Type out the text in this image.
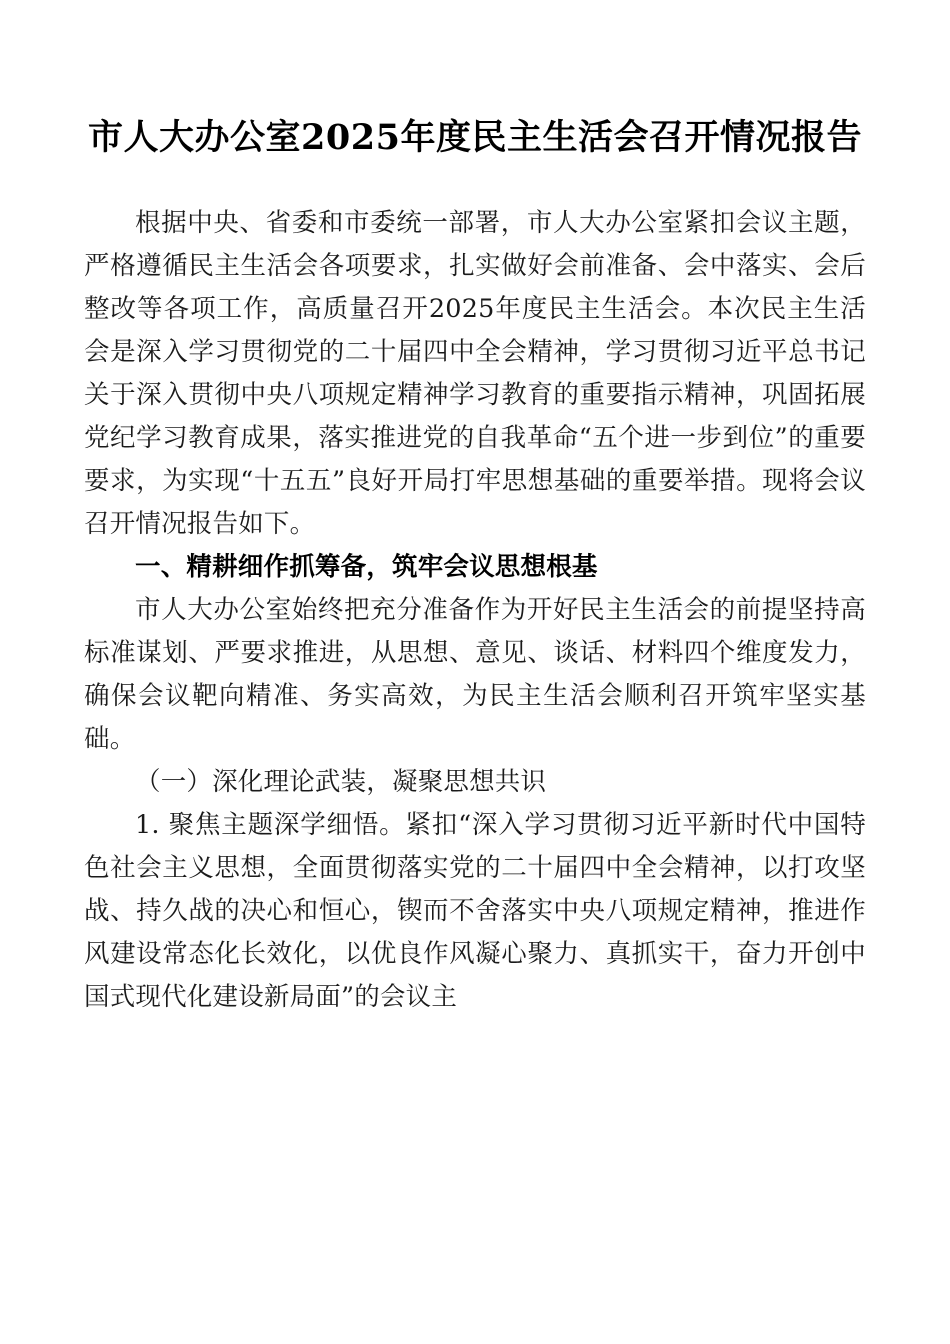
市人大办公室2025年度民主生活会召开情况报告

根据中央、省委和市委统一部署，市人大办公室紧扣会议主题，严格遵循民主生活会各项要求，扎实做好会前准备、会中落实、会后整改等各项工作，高质量召开2025年度民主生活会。本次民主生活会是深入学习贯彻党的二十届四中全会精神，学习贯彻习近平总书记关于深入贯彻中央八项规定精神学习教育的重要指示精神，巩固拓展党纪学习教育成果，落实推进党的自我革命“五个进一步到位”的重要要求，为实现“十五五”良好开局打牢思想基础的重要举措。现将会议召开情况报告如下。

一、精耕细作抓筹备，筑牢会议思想根基

市人大办公室始终把充分准备作为开好民主生活会的前提坚持高标准谋划、严要求推进，从思想、意见、谈话、材料四个维度发力，确保会议靶向精准、务实高效，为民主生活会顺利召开筑牢坚实基础。

（一）深化理论武装，凝聚思想共识

1. 聚焦主题深学细悟。紧扣“深入学习贯彻习近平新时代中国特色社会主义思想，全面贯彻落实党的二十届四中全会精神，以打攻坚战、持久战的决心和恒心，锲而不舍落实中央八项规定精神，推进作风建设常态化长效化，以优良作风凝心聚力、真抓实干，奋力开创中国式现代化建设新局面”的会议主
